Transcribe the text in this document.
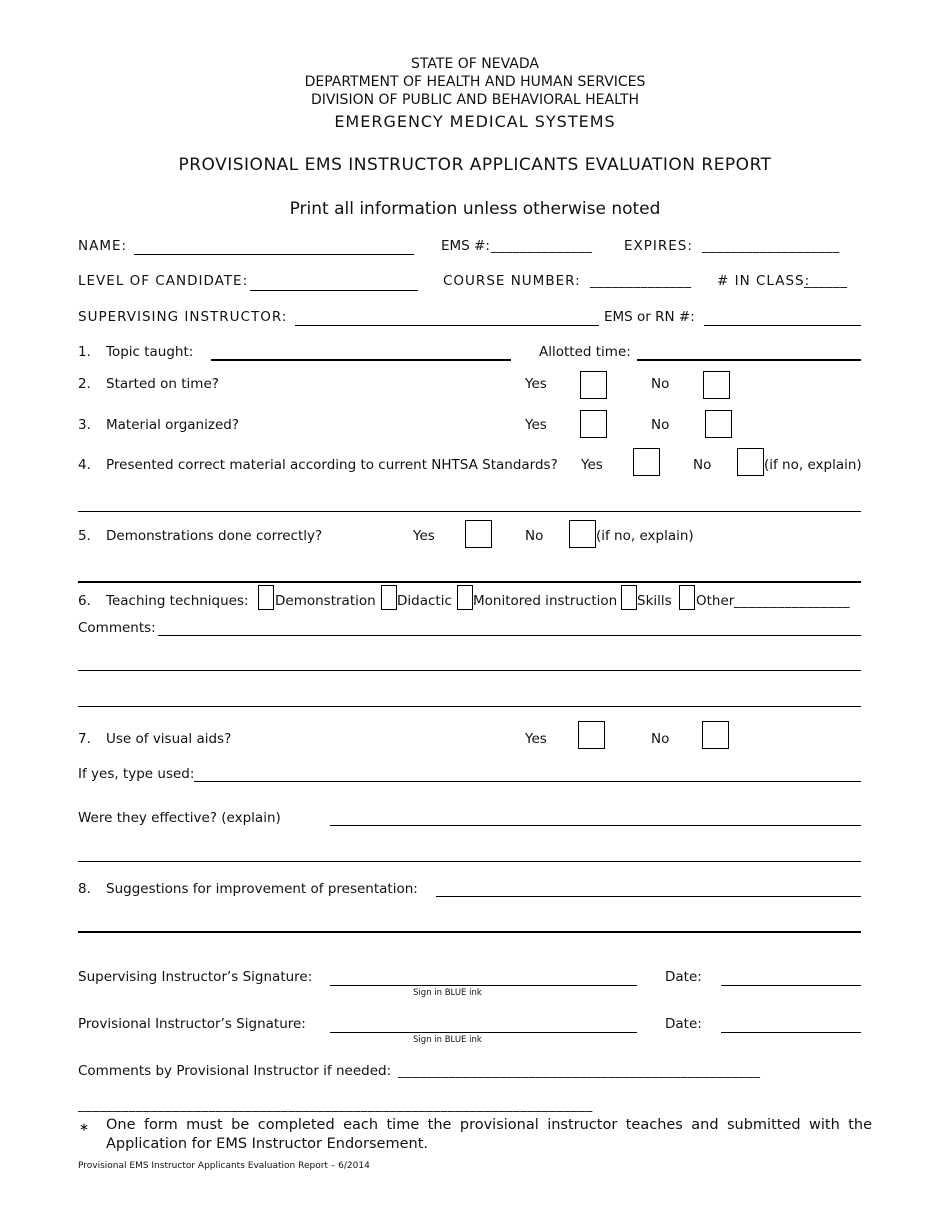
STATE OF NEVADA
DEPARTMENT OF HEALTH AND HUMAN SERVICES
DIVISION OF PUBLIC AND BEHAVIORAL HEALTH
EMERGENCY MEDICAL SYSTEMS
PROVISIONAL EMS INSTRUCTOR APPLICANTS EVALUATION REPORT
Print all information unless otherwise noted
NAME:	EMS #: ______________ EXPIRES: ___________________
LEVEL OF CANDIDATE:	COURSE NUMBER: ______________ # IN CLASS:
______
SUPERVISING INSTRUCTOR:	EMS or RN #:
1. Topic taught:	Allotted time:
2. Started on time?	Yes	No
3. Material organized?	Yes	No
4. Presented correct material according to current NHTSA Standards? Yes	No	(if no, explain)
5. Demonstrations done correctly?	Yes	No	(if no, explain)
6. Teaching techniques: Demonstration Didactic Monitored instruction Skills Other ________________
Comments:
7. Use of visual aids?	Yes	No
If yes, type used:
Were they effective? (explain)
8. Suggestions for improvement of presentation:
Supervising Instructor’s Signature:
Sign in BLUE ink
Date:
Provisional Instructor’s Signature:
Sign in BLUE ink
Date:
Comments by Provisional Instructor if needed: __________________________________________________
_______________________________________________________________________
∗ One form must be completed each time the provisional instructor teaches and submitted with the Application for EMS Instructor Endorsement.
Provisional EMS Instructor Applicants Evaluation Report – 6/2014
